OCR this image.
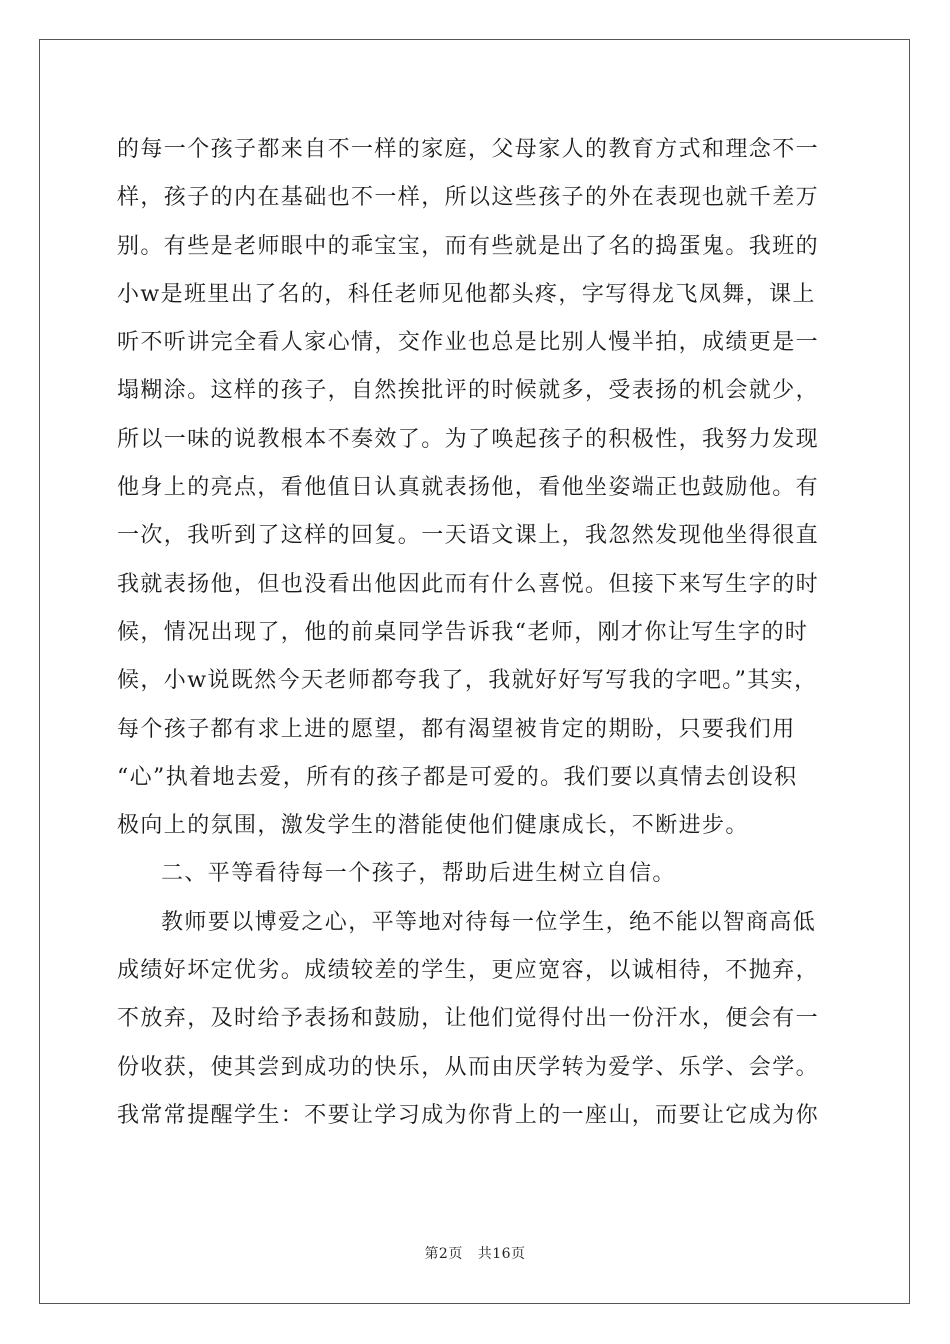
的每一个孩子都来自不一样的家庭，父母家人的教育方式和理念不一
样，孩子的内在基础也不一样，所以这些孩子的外在表现也就千差万
别。有些是老师眼中的乖宝宝，而有些就是出了名的捣蛋鬼。我班的
小w是班里出了名的，科任老师见他都头疼，字写得龙飞凤舞，课上
听不听讲完全看人家心情，交作业也总是比别人慢半拍，成绩更是一
塌糊涂。这样的孩子，自然挨批评的时候就多，受表扬的机会就少，
所以一味的说教根本不奏效了。为了唤起孩子的积极性，我努力发现
他身上的亮点，看他值日认真就表扬他，看他坐姿端正也鼓励他。有
一次，我听到了这样的回复。一天语文课上，我忽然发现他坐得很直
我就表扬他，但也没看出他因此而有什么喜悦。但接下来写生字的时
候，情况出现了，他的前桌同学告诉我“老师，刚才你让写生字的时
候，小w说既然今天老师都夸我了，我就好好写写我的字吧。”其实，
每个孩子都有求上进的愿望，都有渴望被肯定的期盼，只要我们用
“心”执着地去爱，所有的孩子都是可爱的。我们要以真情去创设积
极向上的氛围，激发学生的潜能使他们健康成长，不断进步。
二、平等看待每一个孩子，帮助后进生树立自信。
教师要以博爱之心，平等地对待每一位学生，绝不能以智商高低
成绩好坏定优劣。成绩较差的学生，更应宽容，以诚相待，不抛弃，
不放弃，及时给予表扬和鼓励，让他们觉得付出一份汗水，便会有一
份收获，使其尝到成功的快乐，从而由厌学转为爱学、乐学、会学。
我常常提醒学生：不要让学习成为你背上的一座山，而要让它成为你
第2页 共16页
